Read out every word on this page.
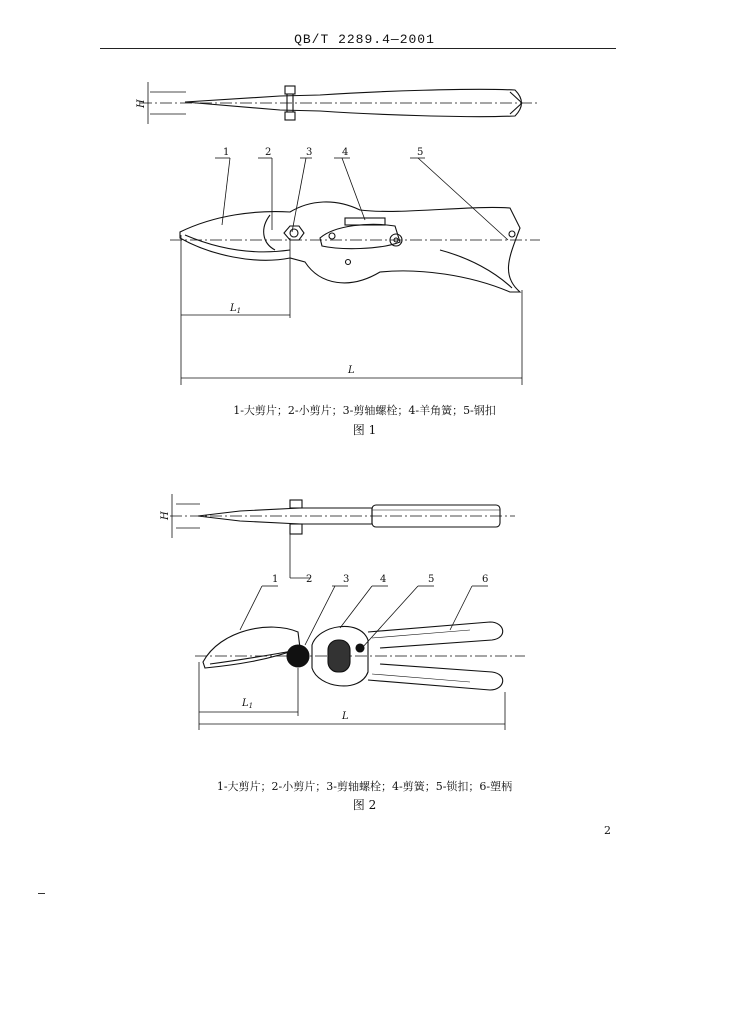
QB/T 2289.4—2001
1	2	3	4	5
H
$L_1$
L
1-大剪片；2-小剪片；3-剪轴螺栓；4-羊角簧；5-钢扣
图 1
1	2	3	4	5	6
H
$L_1$
L
1-大剪片；2-小剪片；3-剪轴螺栓；4-剪簧；5-锁扣；6-塑柄
图 2
2
